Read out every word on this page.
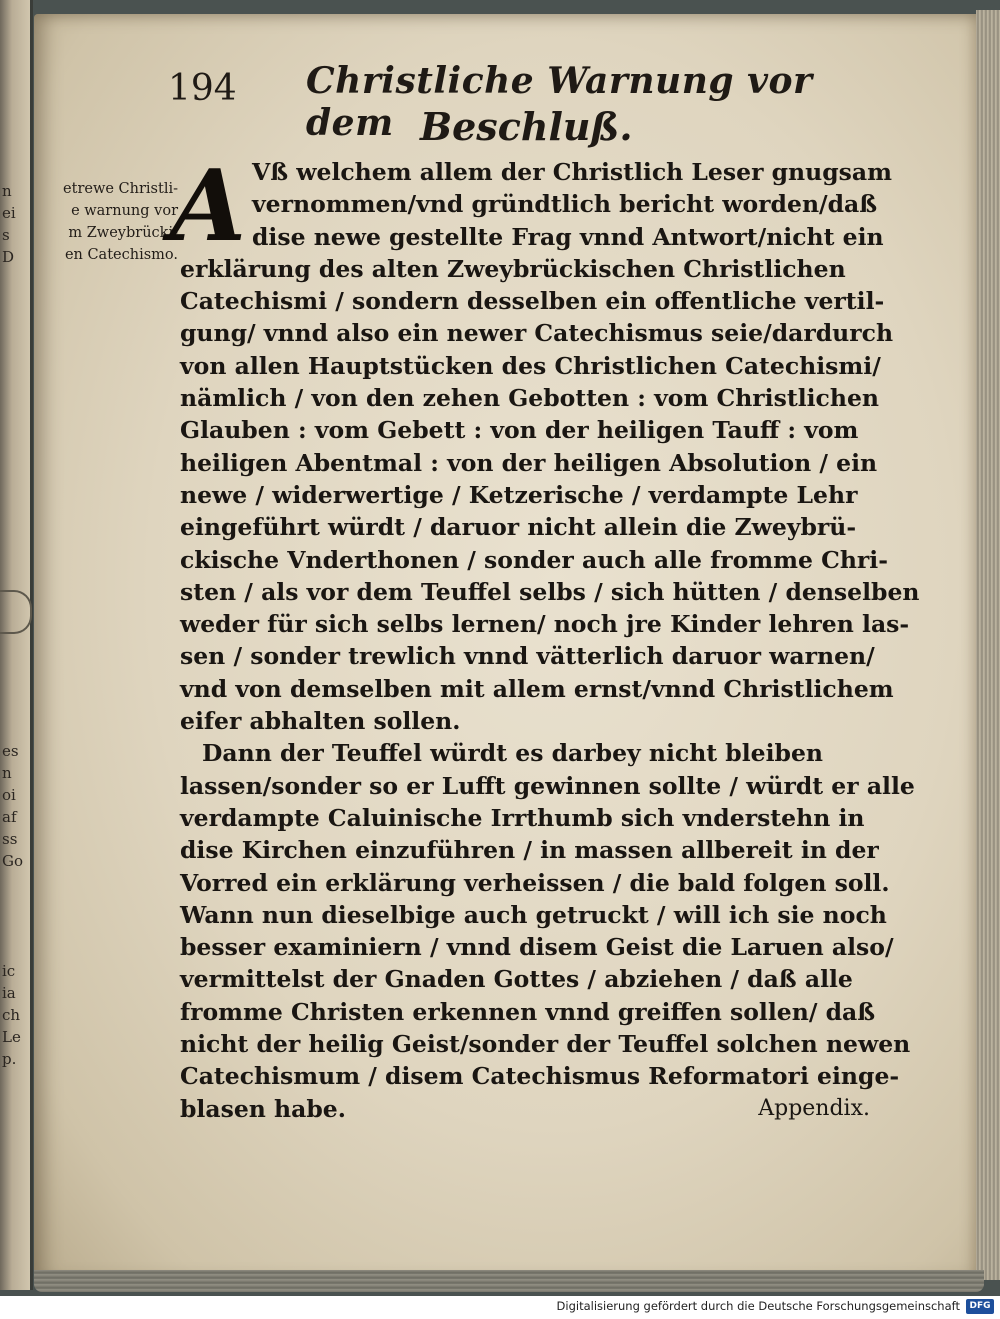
n
ei
s
D
es
n
oi
af
ss
Go
ic
ia
ch
Le
p.
194 Christliche Warnung vor dem Beschluß.
etrewe Christli-
e warnung vor
m Zweybrücki-
en Catechismo.
A Vß welchem allem der Christlich Leser gnugsam
vernommen/vnd gründtlich bericht worden/daß
dise newe gestellte Frag vnnd Antwort/nicht ein
erklärung des alten Zweybrückischen Christlichen
Catechismi / sondern desselben ein offentliche vertil-
gung/ vnnd also ein newer Catechismus seie/dardurch
von allen Hauptstücken des Christlichen Catechismi/
nämlich / von den zehen Gebotten : vom Christlichen
Glauben : vom Gebett : von der heiligen Tauff : vom
heiligen Abentmal : von der heiligen Absolution / ein
newe / widerwertige / Ketzerische / verdampte Lehr
eingeführt würdt / daruor nicht allein die Zweybrü-
ckische Vnderthonen / sonder auch alle fromme Chri-
sten / als vor dem Teuffel selbs / sich hütten / denselben
weder für sich selbs lernen/ noch jre Kinder lehren las-
sen / sonder trewlich vnnd vätterlich daruor warnen/
vnd von demselben mit allem ernst/vnnd Christlichem
eifer abhalten sollen.
Dann der Teuffel würdt es darbey nicht bleiben
lassen/sonder so er Lufft gewinnen sollte / würdt er alle
verdampte Caluinische Irrthumb sich vnderstehn in
dise Kirchen einzuführen / in massen allbereit in der
Vorred ein erklärung verheissen / die bald folgen soll.
Wann nun dieselbige auch getruckt / will ich sie noch
besser examiniern / vnnd disem Geist die Laruen also/
vermittelst der Gnaden Gottes / abziehen / daß alle
fromme Christen erkennen vnnd greiffen sollen/ daß
nicht der heilig Geist/sonder der Teuffel solchen newen
Catechismum / disem Catechismus Reformatori einge-
blasen habe.	Appendix.
Digitalisierung gefördert durch die Deutsche Forschungsgemeinschaft	DFG
